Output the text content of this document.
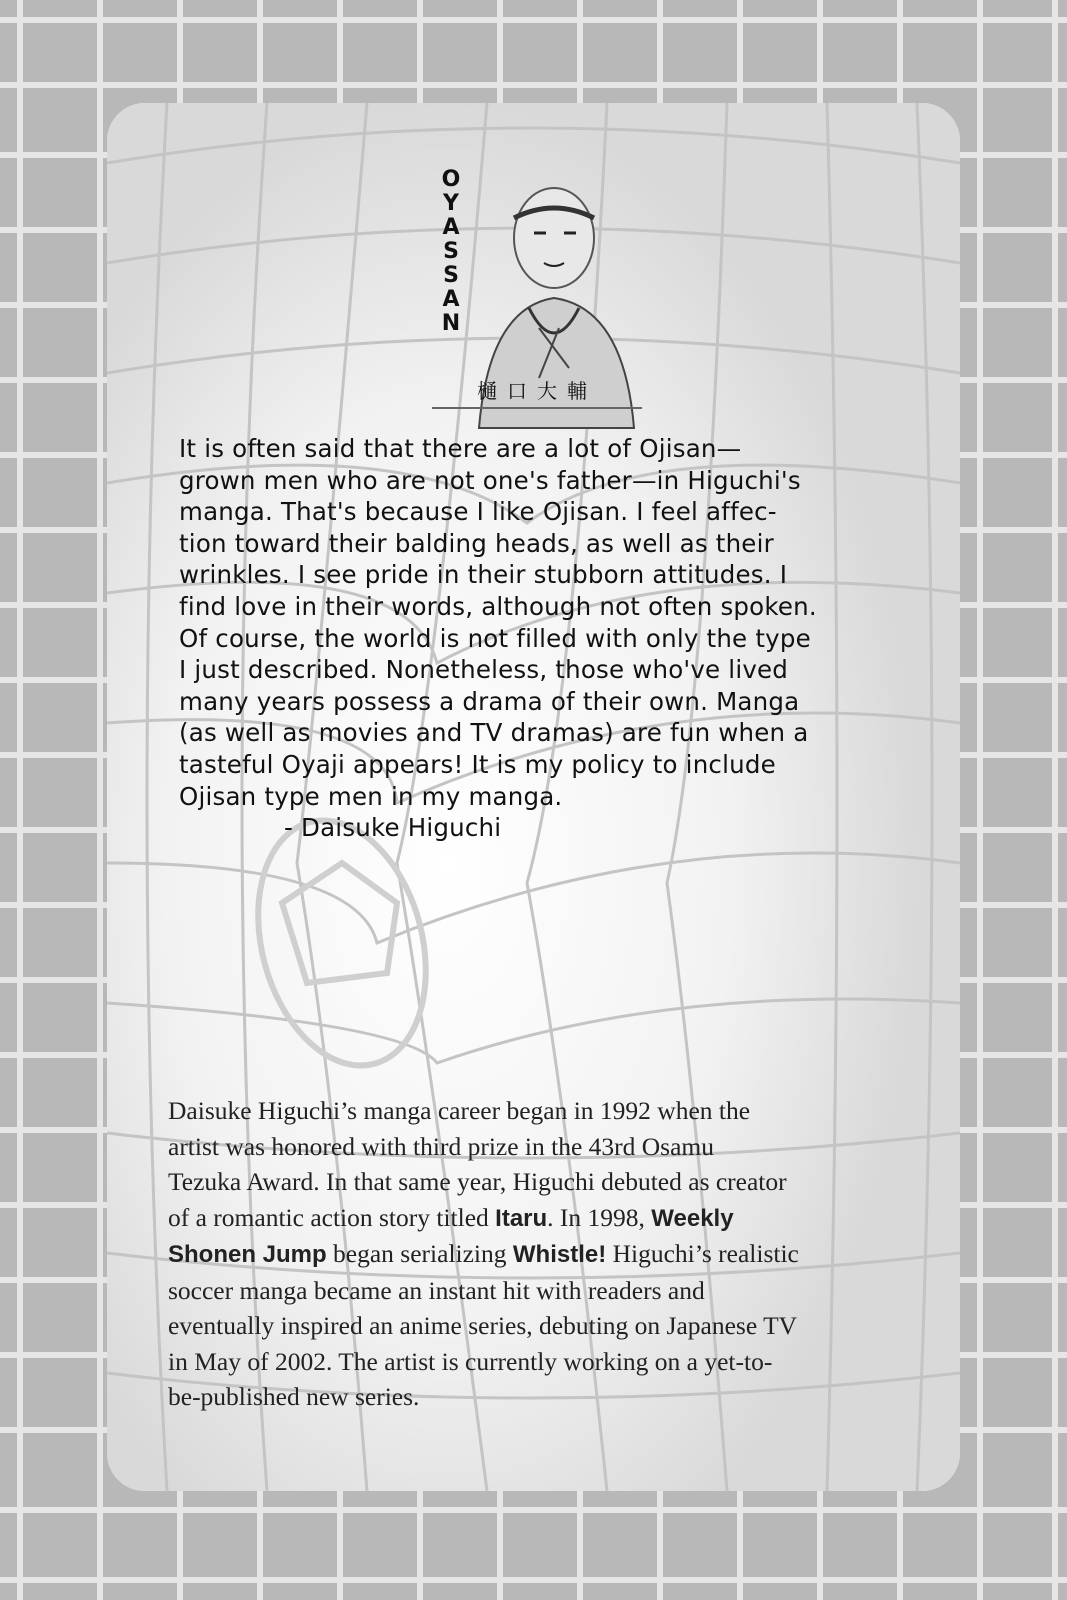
OYASSAN
樋口大輔
It is often said that there are a lot of Ojisan—
grown men who are not one's father—in Higuchi's
manga. That's because I like Ojisan. I feel affec-
tion toward their balding heads, as well as their
wrinkles. I see pride in their stubborn attitudes. I
find love in their words, although not often spoken.
Of course, the world is not filled with only the type
I just described. Nonetheless, those who've lived
many years possess a drama of their own. Manga
(as well as movies and TV dramas) are fun when a
tasteful Oyaji appears! It is my policy to include
Ojisan type men in my manga.
- Daisuke Higuchi
Daisuke Higuchi’s manga career began in 1992 when the
artist was honored with third prize in the 43rd Osamu
Tezuka Award. In that same year, Higuchi debuted as creator
of a romantic action story titled Itaru. In 1998, Weekly
Shonen Jump began serializing Whistle! Higuchi’s realistic
soccer manga became an instant hit with readers and
eventually inspired an anime series, debuting on Japanese TV
in May of 2002. The artist is currently working on a yet-to-
be-published new series.
